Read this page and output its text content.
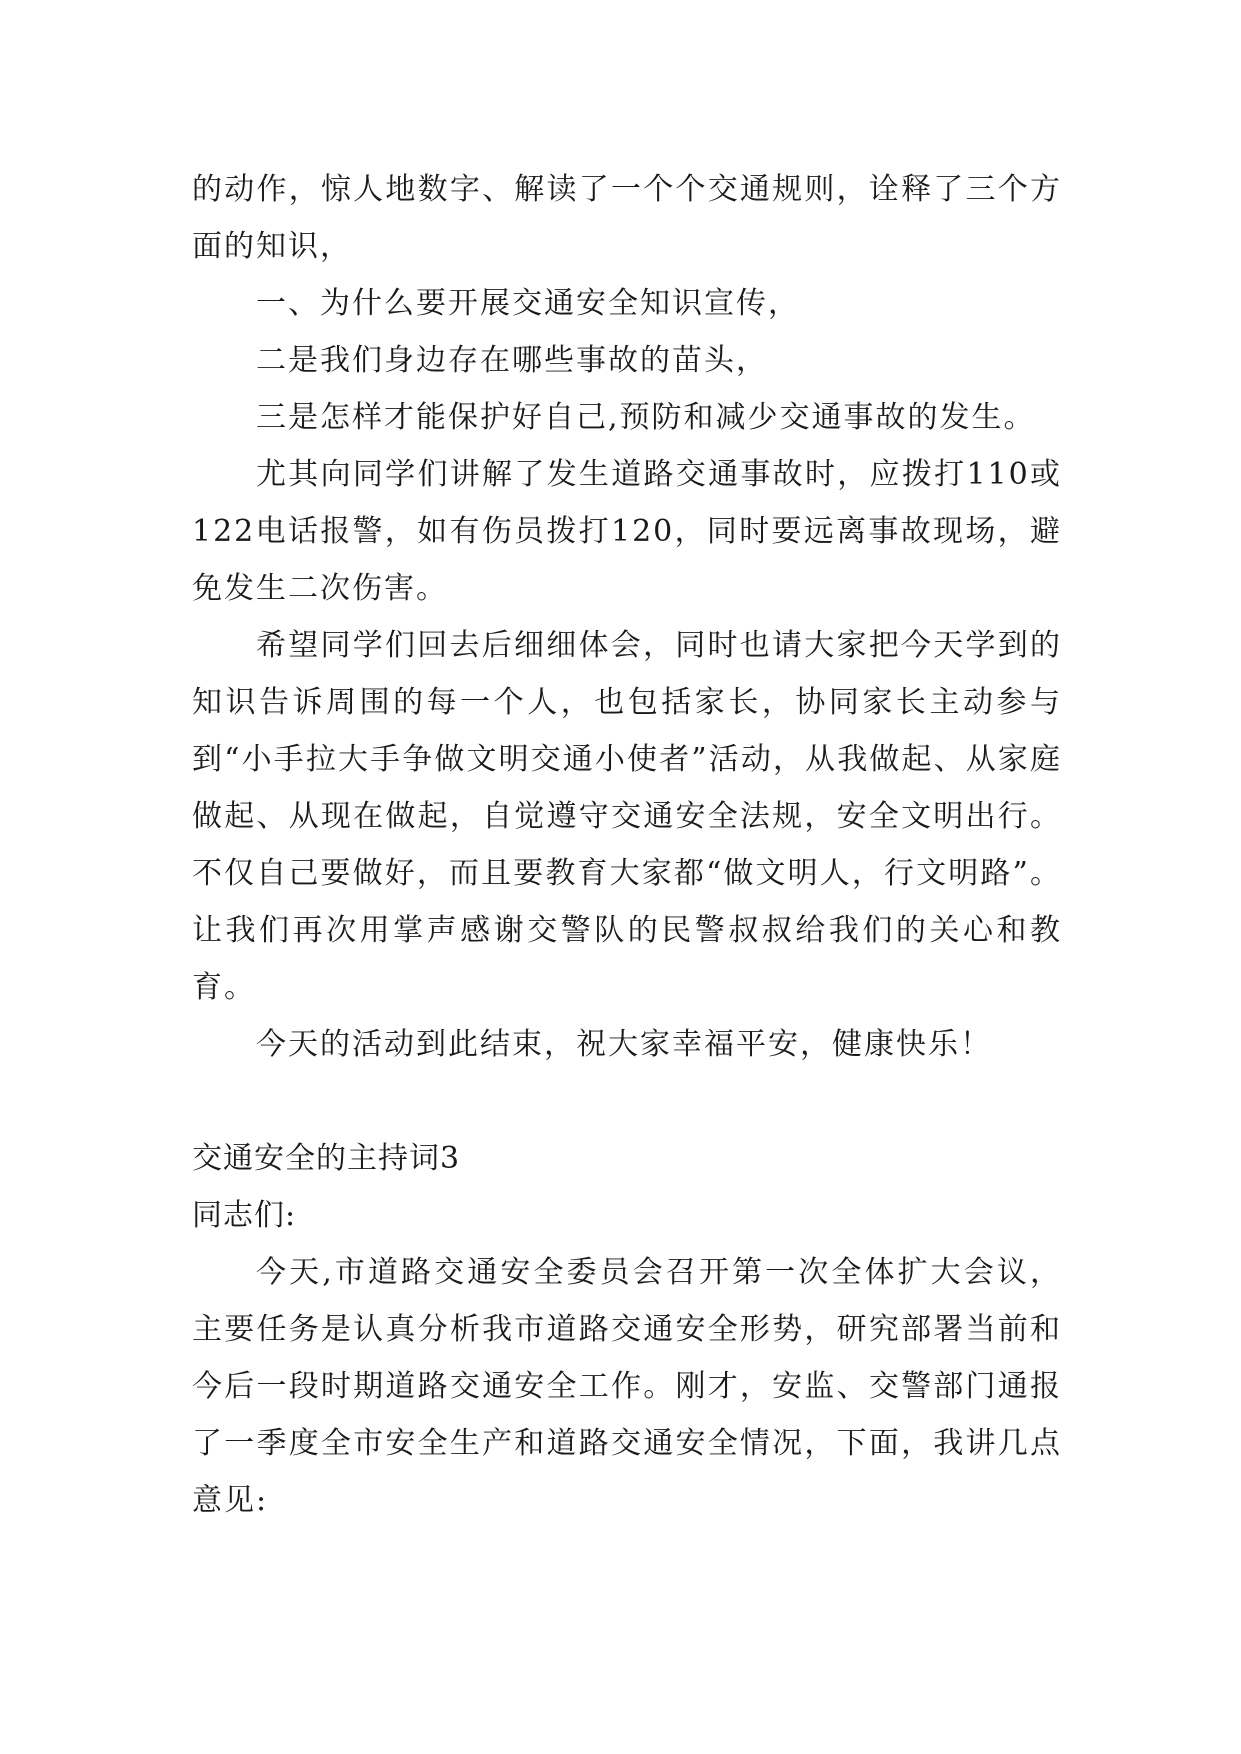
的动作，惊人地数字、解读了一个个交通规则，诠释了三个方面的知识，

一、为什么要开展交通安全知识宣传，

二是我们身边存在哪些事故的苗头，

三是怎样才能保护好自己,预防和减少交通事故的发生。

尤其向同学们讲解了发生道路交通事故时，应拨打110或122电话报警，如有伤员拨打120，同时要远离事故现场，避免发生二次伤害。

希望同学们回去后细细体会，同时也请大家把今天学到的知识告诉周围的每一个人，也包括家长，协同家长主动参与到“小手拉大手争做文明交通小使者”活动，从我做起、从家庭做起、从现在做起，自觉遵守交通安全法规，安全文明出行。不仅自己要做好，而且要教育大家都“做文明人，行文明路”。让我们再次用掌声感谢交警队的民警叔叔给我们的关心和教育。

今天的活动到此结束，祝大家幸福平安，健康快乐！

交通安全的主持词3

同志们:

今天,市道路交通安全委员会召开第一次全体扩大会议，主要任务是认真分析我市道路交通安全形势，研究部署当前和今后一段时期道路交通安全工作。刚才，安监、交警部门通报了一季度全市安全生产和道路交通安全情况，下面，我讲几点意见:
